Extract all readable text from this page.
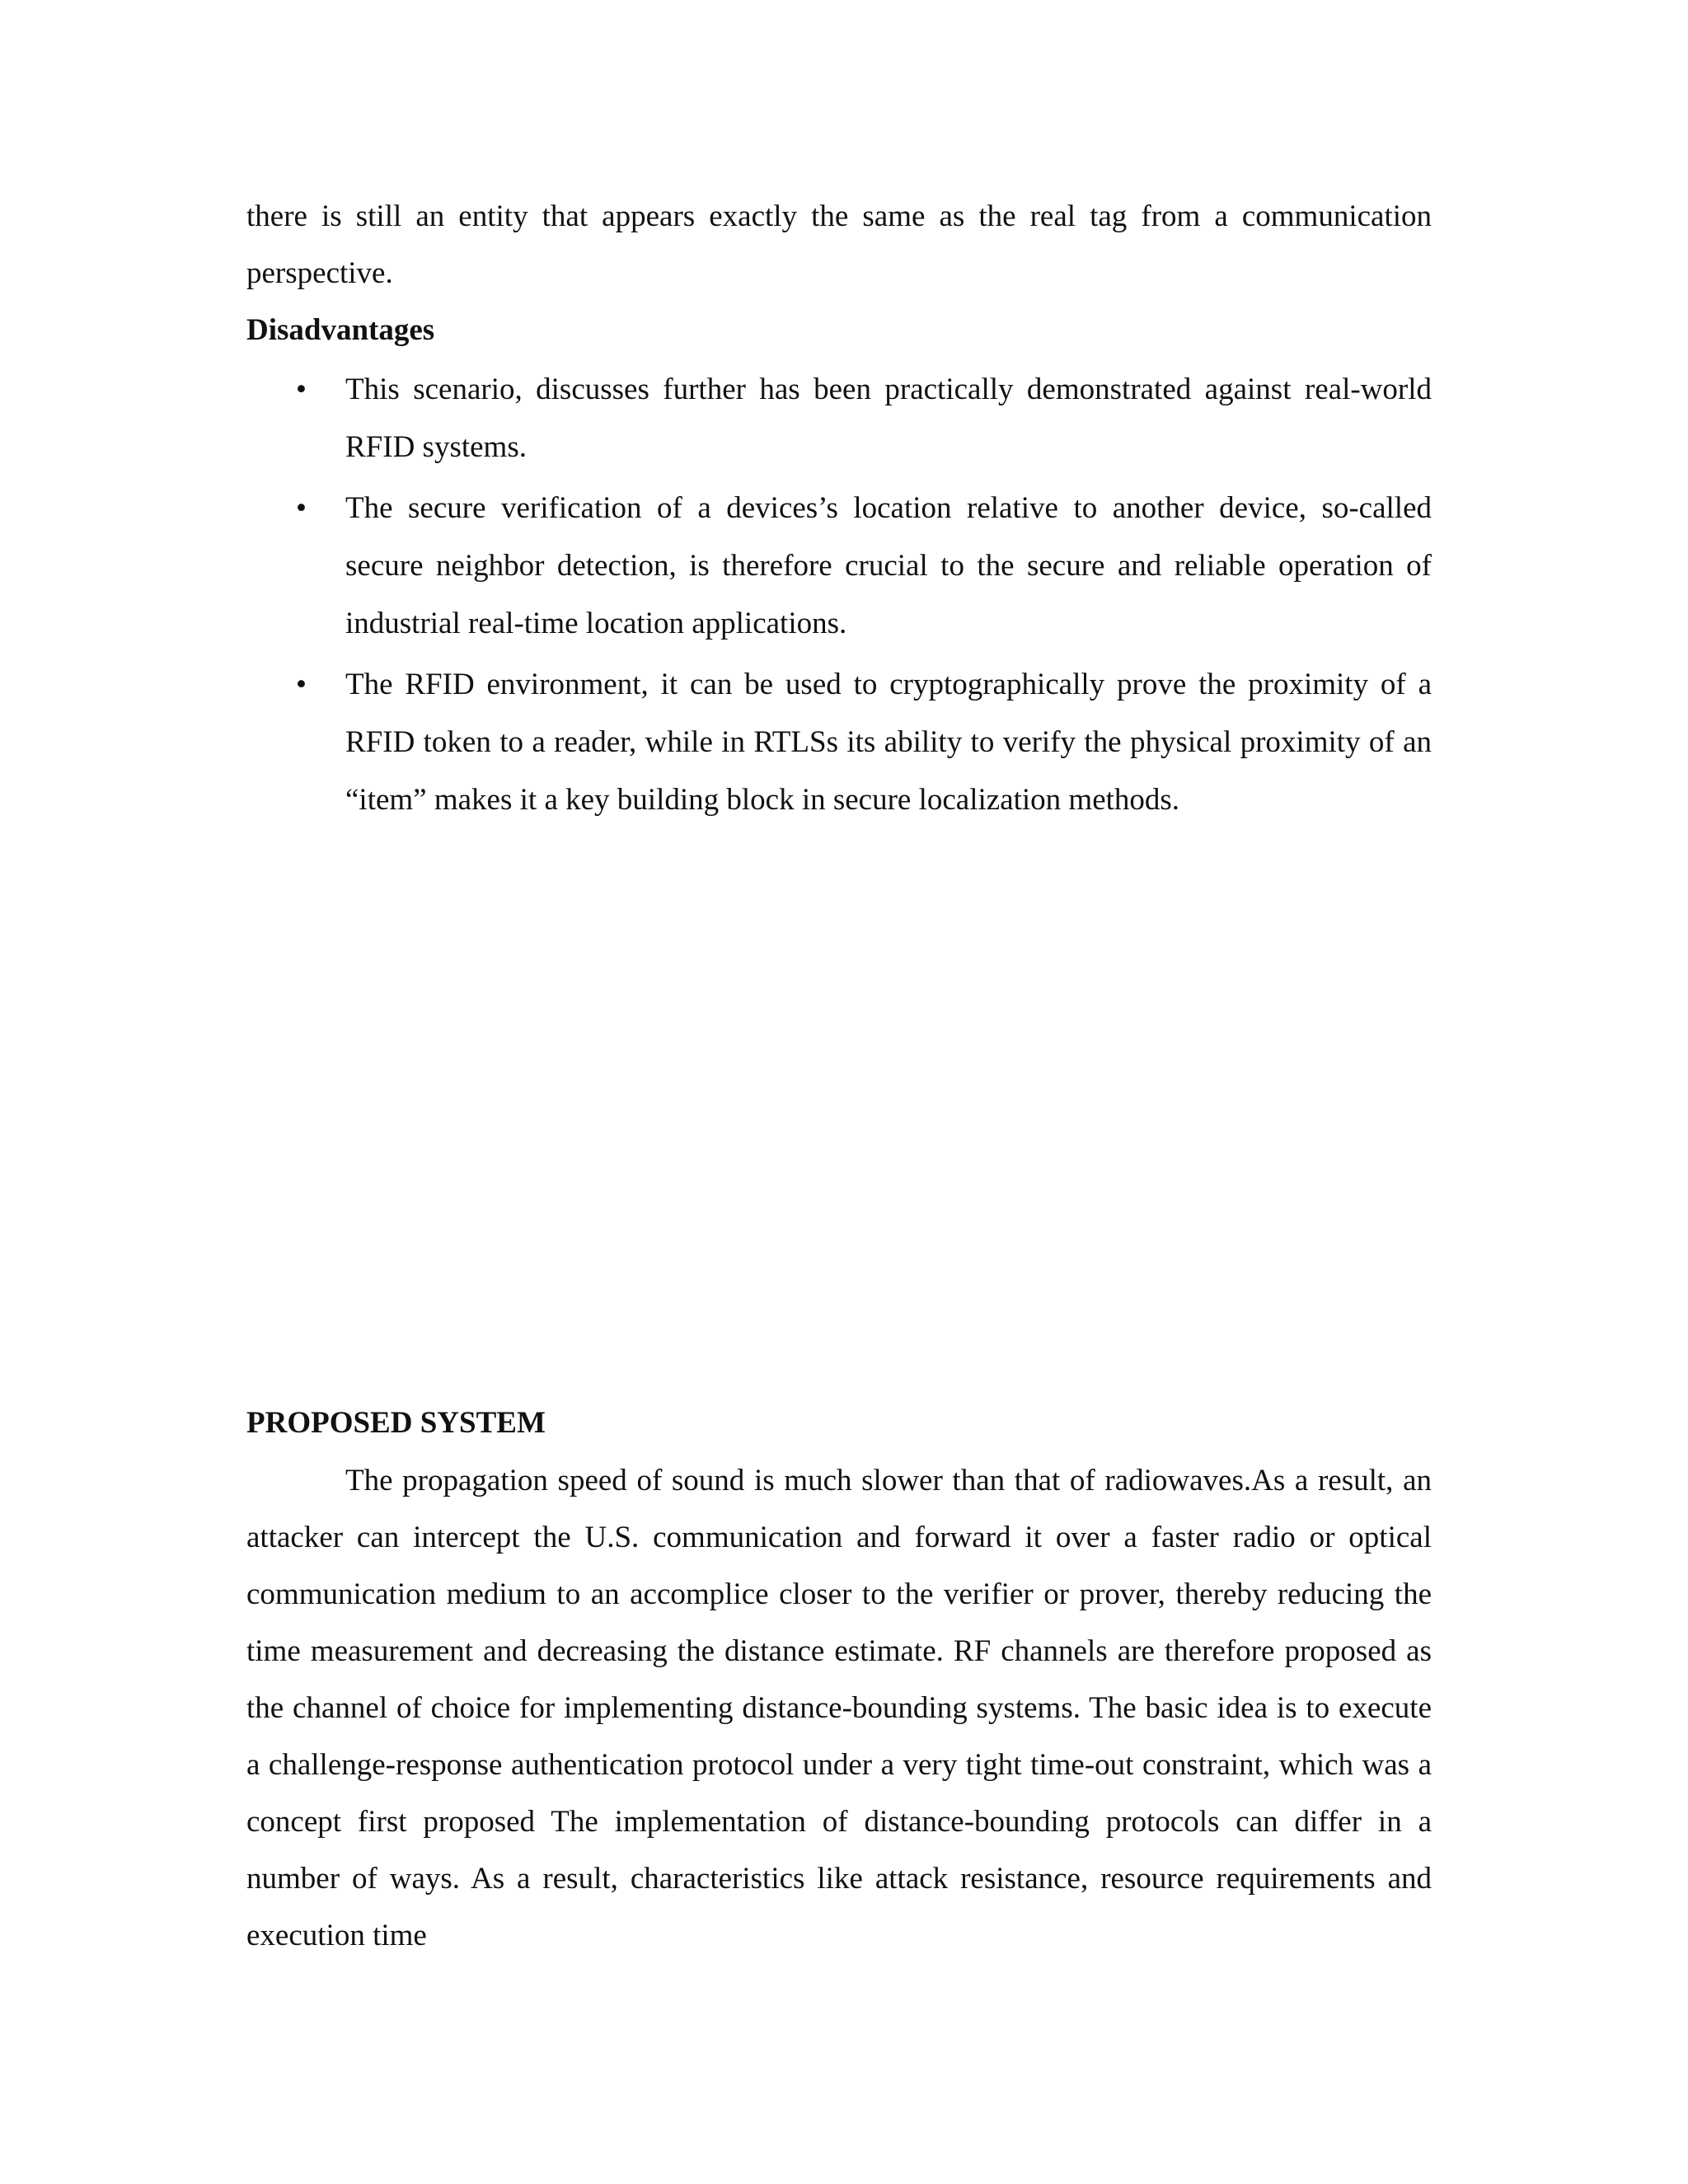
there is still an entity that appears exactly the same as the real tag from a communication perspective.

Disadvantages
• This scenario, discusses further has been practically demonstrated against real-world RFID systems.
• The secure verification of a devices’s location relative to another device, so-called secure neighbor detection, is therefore crucial to the secure and reliable operation of industrial real-time location applications.
• The RFID environment, it can be used to cryptographically prove the proximity of a RFID token to a reader, while in RTLSs its ability to verify the physical proximity of an “item” makes it a key building block in secure localization methods.
PROPOSED SYSTEM

The propagation speed of sound is much slower than that of radiowaves.As a result, an attacker can intercept the U.S. communication and forward it over a faster radio or optical communication medium to an accomplice closer to the verifier or prover, thereby reducing the time measurement and decreasing the distance estimate. RF channels are therefore proposed as the channel of choice for implementing distance-bounding systems. The basic idea is to execute a challenge-response authentication protocol under a very tight time-out constraint, which was a concept first proposed The implementation of distance-bounding protocols can differ in a number of ways. As a result, characteristics like attack resistance, resource requirements and execution time
